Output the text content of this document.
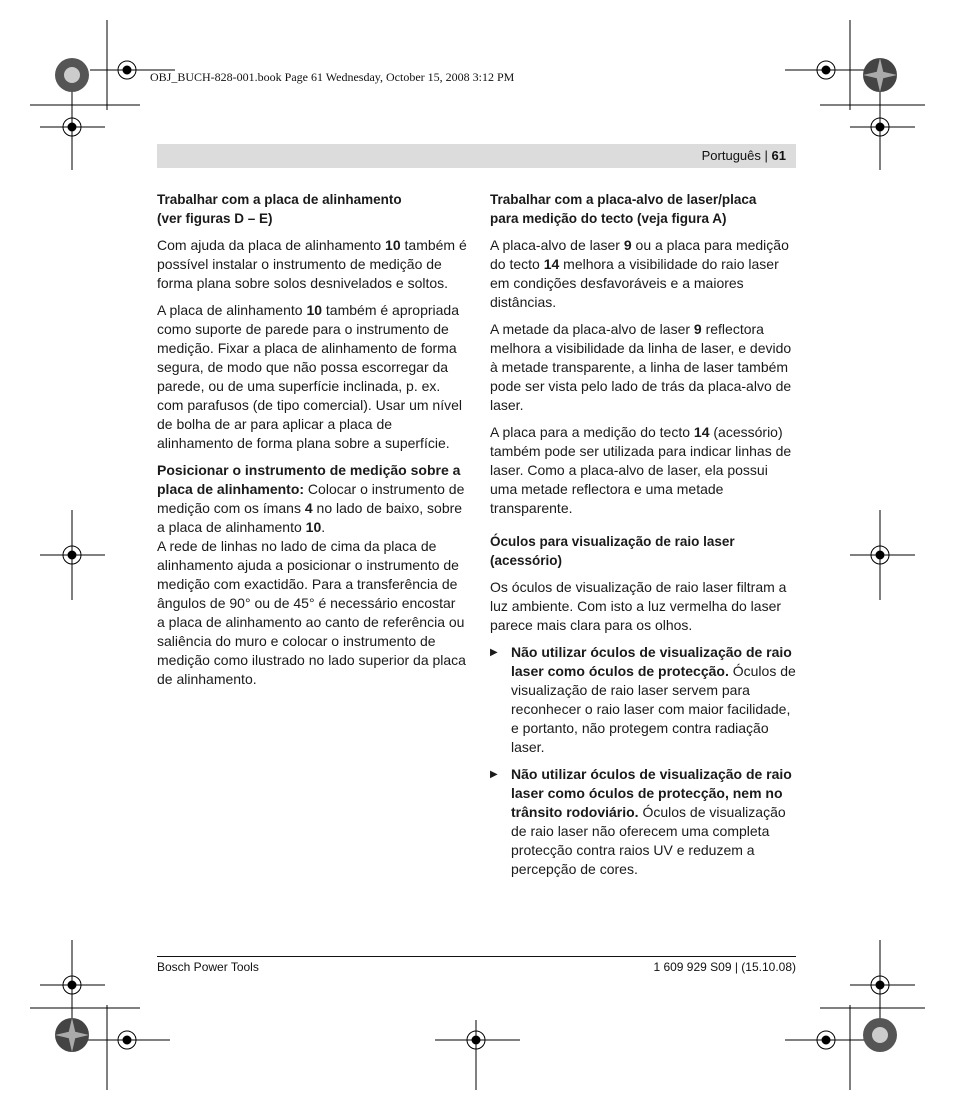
OBJ_BUCH-828-001.book Page 61 Wednesday, October 15, 2008 3:12 PM
Português | 61
Trabalhar com a placa de alinhamento
(ver figuras D – E)

Com ajuda da placa de alinhamento 10 também é possível instalar o instrumento de medição de forma plana sobre solos desnivelados e soltos.

A placa de alinhamento 10 também é apropriada como suporte de parede para o instrumento de medição. Fixar a placa de alinhamento de forma segura, de modo que não possa escorregar da parede, ou de uma superfície inclinada, p. ex. com parafusos (de tipo comercial). Usar um nível de bolha de ar para aplicar a placa de alinhamento de forma plana sobre a superfície.

Posicionar o instrumento de medição sobre a placa de alinhamento: Colocar o instrumento de medição com os ímans 4 no lado de baixo, sobre a placa de alinhamento 10.

A rede de linhas no lado de cima da placa de alinhamento ajuda a posicionar o instrumento de medição com exactidão. Para a transferência de ângulos de 90° ou de 45° é necessário encostar a placa de alinhamento ao canto de referência ou saliência do muro e colocar o instrumento de medição como ilustrado no lado superior da placa de alinhamento.

Trabalhar com a placa-alvo de laser/placa
para medição do tecto (veja figura A)

A placa-alvo de laser 9 ou a placa para medição do tecto 14 melhora a visibilidade do raio laser em condições desfavoráveis e a maiores distâncias.

A metade da placa-alvo de laser 9 reflectora melhora a visibilidade da linha de laser, e devido à metade transparente, a linha de laser também pode ser vista pelo lado de trás da placa-alvo de laser.

A placa para a medição do tecto 14 (acessório) também pode ser utilizada para indicar linhas de laser. Como a placa-alvo de laser, ela possui uma metade reflectora e uma metade transparente.

Óculos para visualização de raio laser
(acessório)

Os óculos de visualização de raio laser filtram a luz ambiente. Com isto a luz vermelha do laser parece mais clara para os olhos.

▶ Não utilizar óculos de visualização de raio laser como óculos de protecção. Óculos de visualização de raio laser servem para reconhecer o raio laser com maior facilidade, e portanto, não protegem contra radiação laser.
▶ Não utilizar óculos de visualização de raio laser como óculos de protecção, nem no trânsito rodoviário. Óculos de visualização de raio laser não oferecem uma completa protecção contra raios UV e reduzem a percepção de cores.
Bosch Power Tools	1 609 929 S09 | (15.10.08)
